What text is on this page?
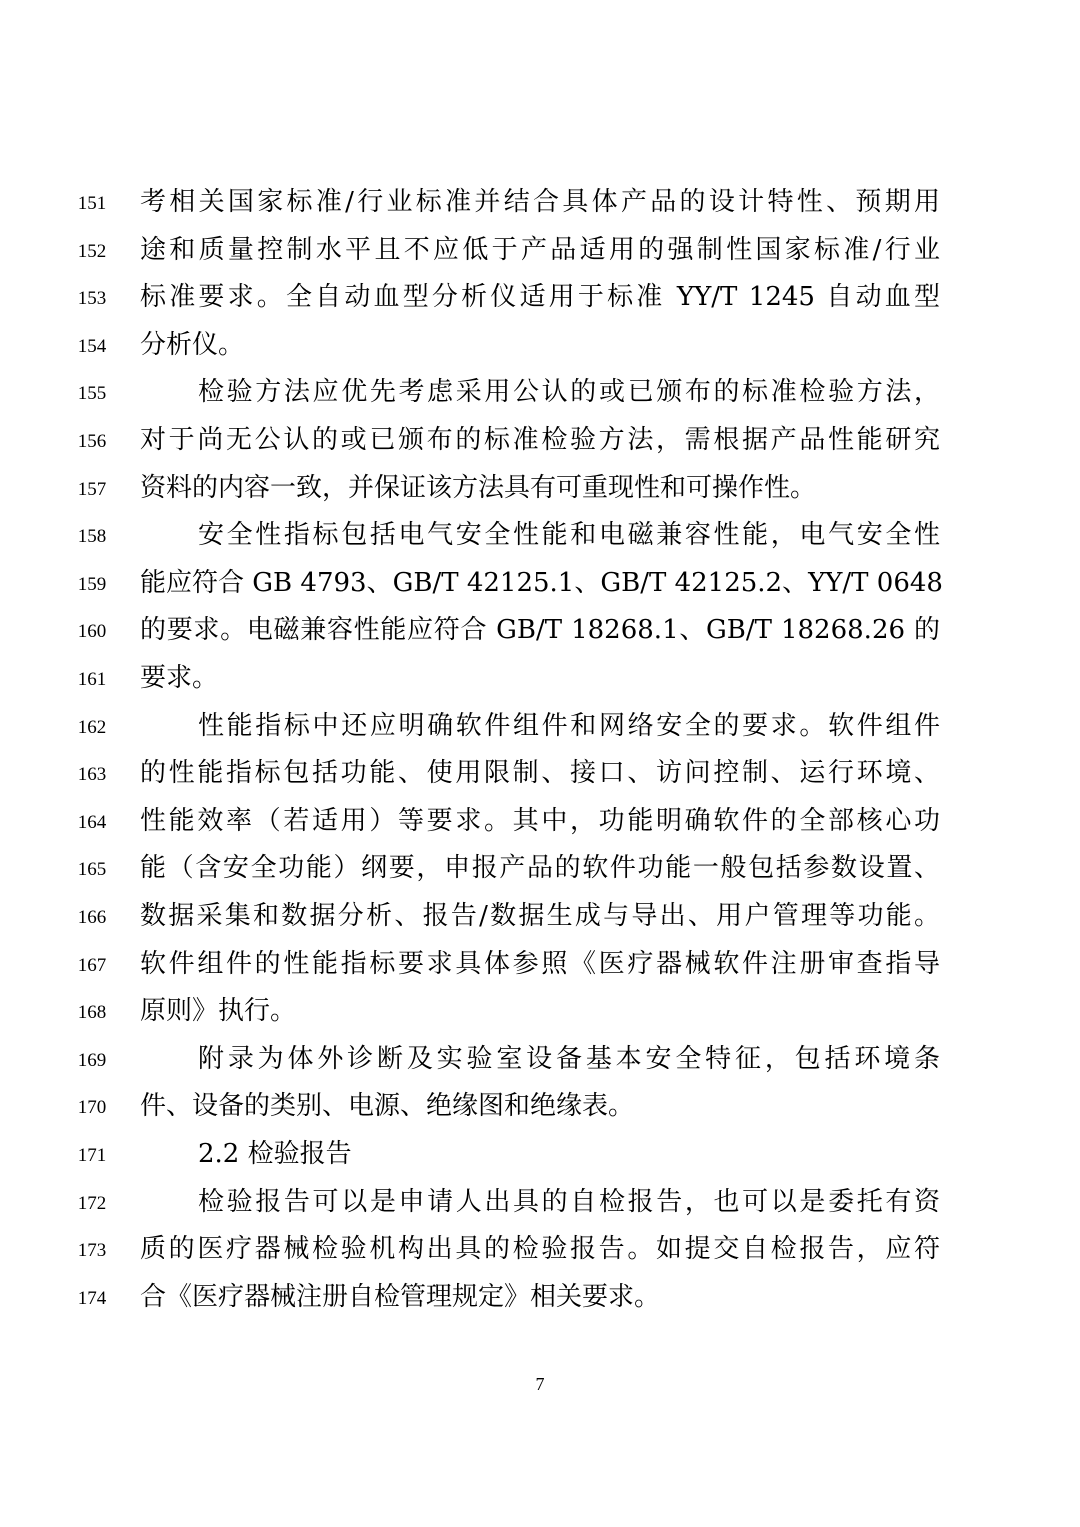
151	考相关国家标准/行业标准并结合具体产品的设计特性、预期用
152	途和质量控制水平且不应低于产品适用的强制性国家标准/行业
153	标准要求。全自动血型分析仪适用于标准 YY/T 1245 自动血型
154	分析仪。
155	检验方法应优先考虑采用公认的或已颁布的标准检验方法，
156	对于尚无公认的或已颁布的标准检验方法，需根据产品性能研究
157	资料的内容一致，并保证该方法具有可重现性和可操作性。
158	安全性指标包括电气安全性能和电磁兼容性能，电气安全性
159	能应符合 GB 4793、GB/T 42125.1、GB/T 42125.2、YY/T 0648
160	的要求。电磁兼容性能应符合 GB/T 18268.1、GB/T 18268.26 的
161	要求。
162	性能指标中还应明确软件组件和网络安全的要求。软件组件
163	的性能指标包括功能、使用限制、接口、访问控制、运行环境、
164	性能效率（若适用）等要求。其中，功能明确软件的全部核心功
165	能（含安全功能）纲要，申报产品的软件功能一般包括参数设置、
166	数据采集和数据分析、报告/数据生成与导出、用户管理等功能。
167	软件组件的性能指标要求具体参照《医疗器械软件注册审查指导
168	原则》执行。
169	附录为体外诊断及实验室设备基本安全特征，包括环境条
170	件、设备的类别、电源、绝缘图和绝缘表。
171	2.2 检验报告
172	检验报告可以是申请人出具的自检报告，也可以是委托有资
173	质的医疗器械检验机构出具的检验报告。如提交自检报告，应符
174	合《医疗器械注册自检管理规定》相关要求。
7
